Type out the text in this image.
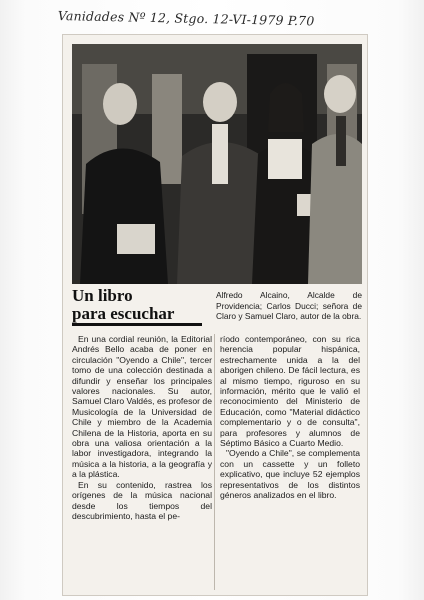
Vanidades Nº 12, Stgo. 12-VI-1979 P.70
Un libro
para escuchar

Alfredo Alcaino, Alcalde de Providencia; Carlos Ducci; señora de Claro y Samuel Claro, autor de la obra.

En una cordial reunión, la Editorial Andrés Bello acaba de poner en circulación "Oyendo a Chile", tercer tomo de una colección destinada a difundir y enseñar los principales valores nacionales. Su autor, Samuel Claro Valdés, es profesor de Musicología de la Universidad de Chile y miembro de la Academia Chilena de la Historia, aporta en su obra una valiosa orientación a la labor investigadora, integrando la música a la historia, a la geografía y a la plástica.

En su contenido, rastrea los orígenes de la música nacional desde los tiempos del descubrimiento, hasta el pe-

ríodo contemporáneo, con su rica herencia popular hispánica, estrechamente unida a la del aborigen chileno. De fácil lectura, es al mismo tiempo, riguroso en su información, mérito que le valió el reconocimiento del Ministerio de Educación, como "Material didáctico complementario y o de consulta", para profesores y alumnos de Séptimo Básico a Cuarto Medio.

"Oyendo a Chile", se complementa con un cassette y un folleto explicativo, que incluye 52 ejemplos representativos de los distintos géneros analizados en el libro.
